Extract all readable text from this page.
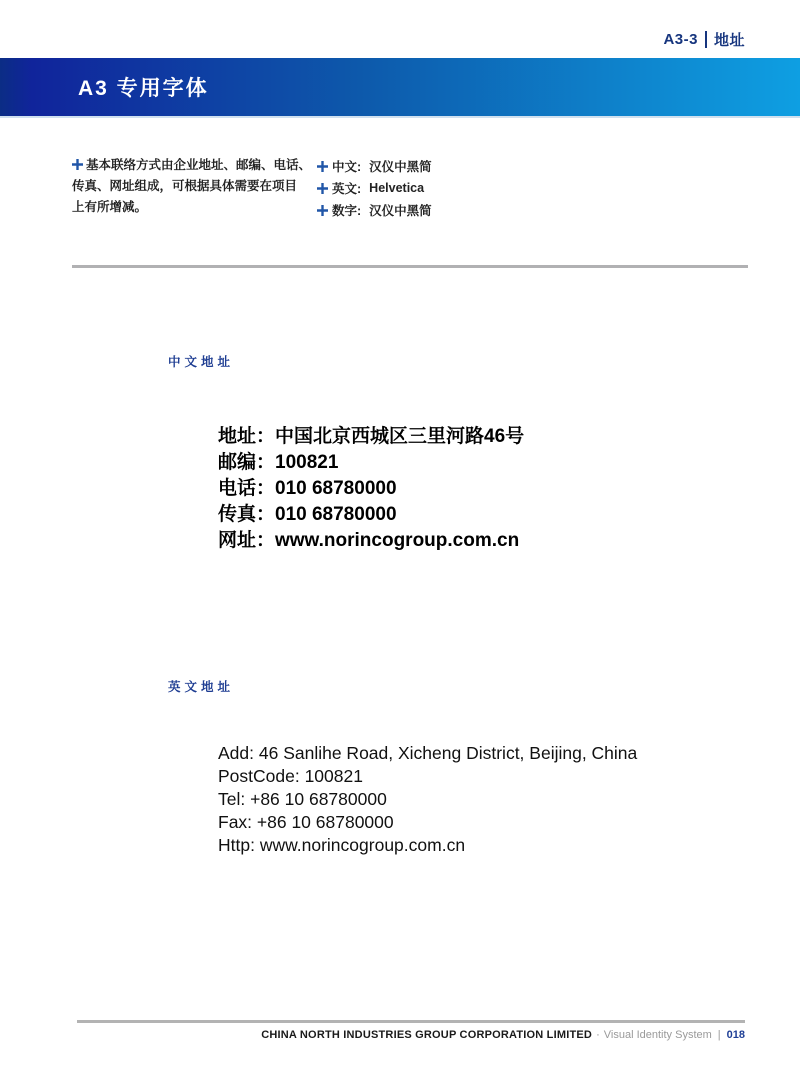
A3-3 地址
A3 专用字体
基本联络方式由企业地址、邮编、电话、
传真、网址组成，可根据具体需要在项目
上有所增减。
中文: 汉仪中黑简
英文: Helvetica
数字: 汉仪中黑简
中文地址
地址：中国北京西城区三里河路46号
邮编：100821
电话：010 68780000
传真：010 68780000
网址：www.norincogroup.com.cn
英文地址
Add: 46 Sanlihe Road, Xicheng District, Beijing, China
PostCode: 100821
Tel: +86 10 68780000
Fax: +86 10 68780000
Http: www.norincogroup.com.cn
CHINA NORTH INDUSTRIES GROUP CORPORATION LIMITED · Visual Identity System | 018
